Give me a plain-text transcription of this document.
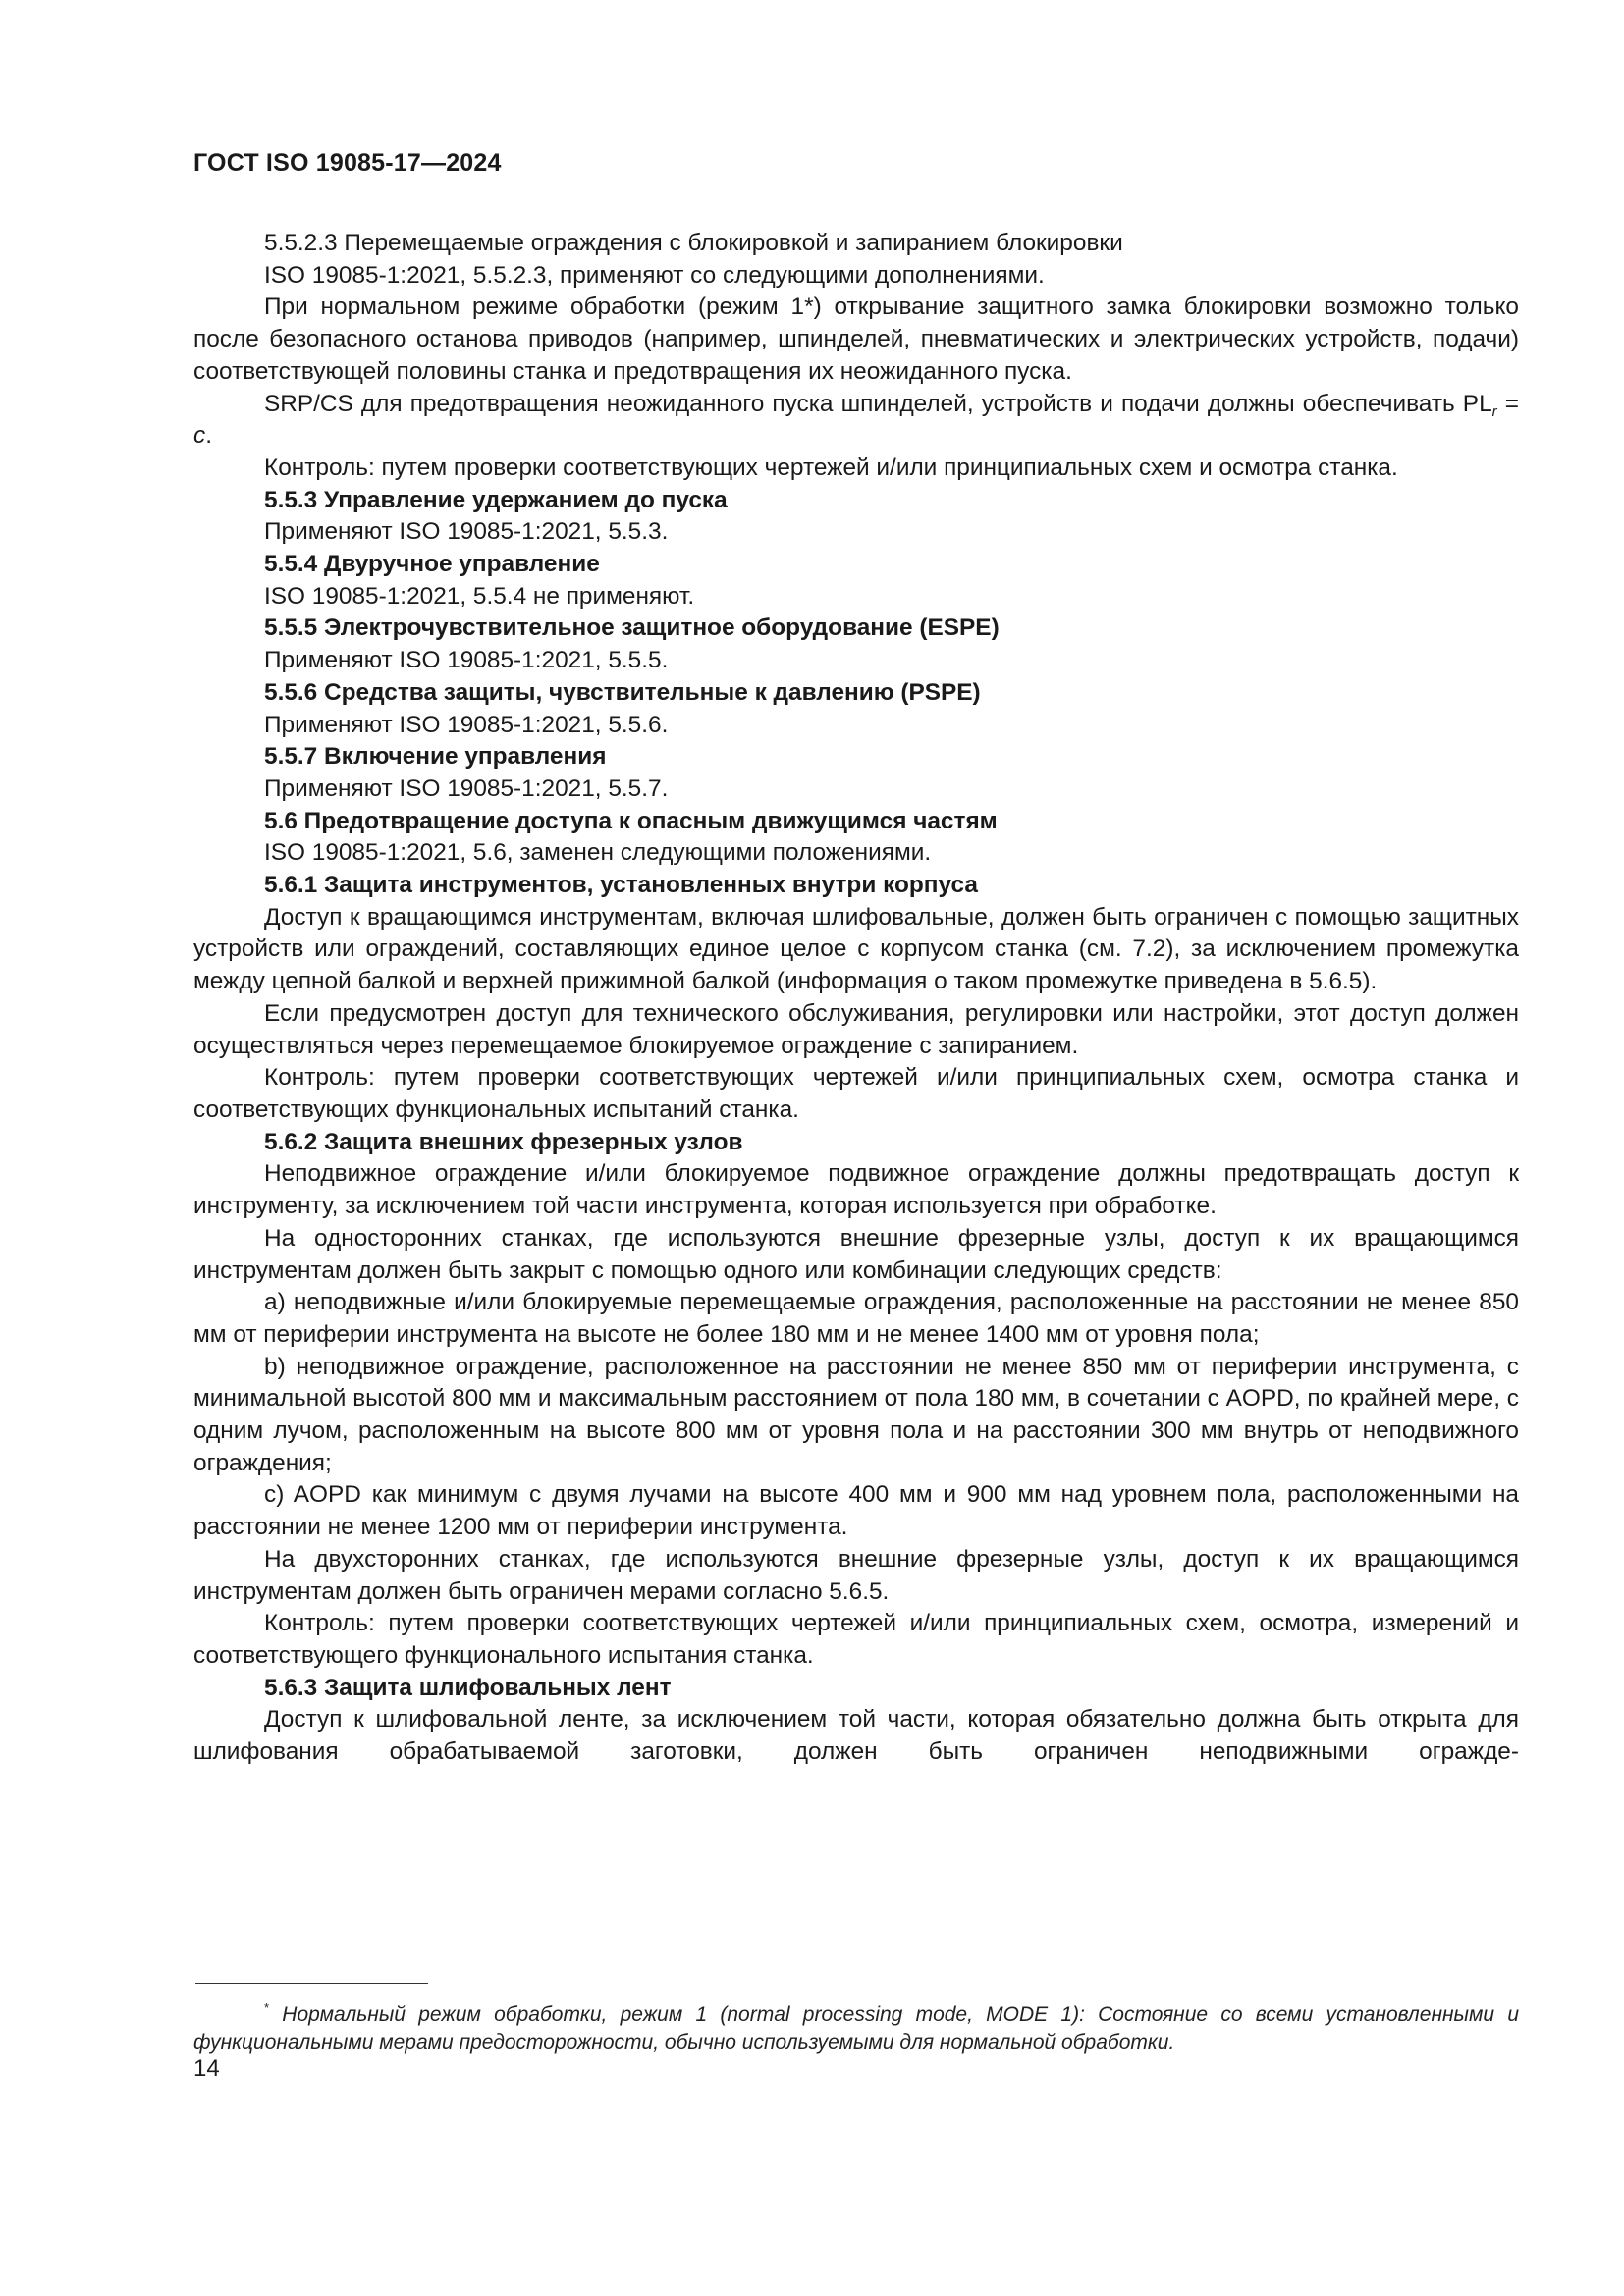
ГОСТ ISO 19085-17—2024

5.5.2.3 Перемещаемые ограждения с блокировкой и запиранием блокировки

ISO 19085-1:2021, 5.5.2.3, применяют со следующими дополнениями.

При нормальном режиме обработки (режим 1*) открывание защитного замка блокировки возможно только после безопасного останова приводов (например, шпинделей, пневматических и электрических устройств, подачи) соответствующей половины станка и предотвращения их неожиданного пуска.

SRP/CS для предотвращения неожиданного пуска шпинделей, устройств и подачи должны обеспечивать $PL_r = c$.

Контроль: путем проверки соответствующих чертежей и/или принципиальных схем и осмотра станка.

5.5.3 Управление удержанием до пуска

Применяют ISO 19085-1:2021, 5.5.3.

5.5.4 Двуручное управление

ISO 19085-1:2021, 5.5.4 не применяют.

5.5.5 Электрочувствительное защитное оборудование (ESPE)

Применяют ISO 19085-1:2021, 5.5.5.

5.5.6 Средства защиты, чувствительные к давлению (PSPE)

Применяют ISO 19085-1:2021, 5.5.6.

5.5.7 Включение управления

Применяют ISO 19085-1:2021, 5.5.7.

5.6 Предотвращение доступа к опасным движущимся частям

ISO 19085-1:2021, 5.6, заменен следующими положениями.

5.6.1 Защита инструментов, установленных внутри корпуса

Доступ к вращающимся инструментам, включая шлифовальные, должен быть ограничен с помощью защитных устройств или ограждений, составляющих единое целое с корпусом станка (см. 7.2), за исключением промежутка между цепной балкой и верхней прижимной балкой (информация о таком промежутке приведена в 5.6.5).

Если предусмотрен доступ для технического обслуживания, регулировки или настройки, этот доступ должен осуществляться через перемещаемое блокируемое ограждение с запиранием.

Контроль: путем проверки соответствующих чертежей и/или принципиальных схем, осмотра станка и соответствующих функциональных испытаний станка.

5.6.2 Защита внешних фрезерных узлов

Неподвижное ограждение и/или блокируемое подвижное ограждение должны предотвращать доступ к инструменту, за исключением той части инструмента, которая используется при обработке.

На односторонних станках, где используются внешние фрезерные узлы, доступ к их вращающимся инструментам должен быть закрыт с помощью одного или комбинации следующих средств:

a) неподвижные и/или блокируемые перемещаемые ограждения, расположенные на расстоянии не менее 850 мм от периферии инструмента на высоте не более 180 мм и не менее 1400 мм от уровня пола;

b) неподвижное ограждение, расположенное на расстоянии не менее 850 мм от периферии инструмента, с минимальной высотой 800 мм и максимальным расстоянием от пола 180 мм, в сочетании с AOPD, по крайней мере, с одним лучом, расположенным на высоте 800 мм от уровня пола и на расстоянии 300 мм внутрь от неподвижного ограждения;

c) AOPD как минимум с двумя лучами на высоте 400 мм и 900 мм над уровнем пола, расположенными на расстоянии не менее 1200 мм от периферии инструмента.

На двухсторонних станках, где используются внешние фрезерные узлы, доступ к их вращающимся инструментам должен быть ограничен мерами согласно 5.6.5.

Контроль: путем проверки соответствующих чертежей и/или принципиальных схем, осмотра, измерений и соответствующего функционального испытания станка.

5.6.3 Защита шлифовальных лент

Доступ к шлифовальной ленте, за исключением той части, которая обязательно должна быть открыта для шлифования обрабатываемой заготовки, должен быть ограничен неподвижными огражде-

* Нормальный режим обработки, режим 1 (normal processing mode, MODE 1): Состояние со всеми установленными и функциональными мерами предосторожности, обычно используемыми для нормальной обработки.

14
